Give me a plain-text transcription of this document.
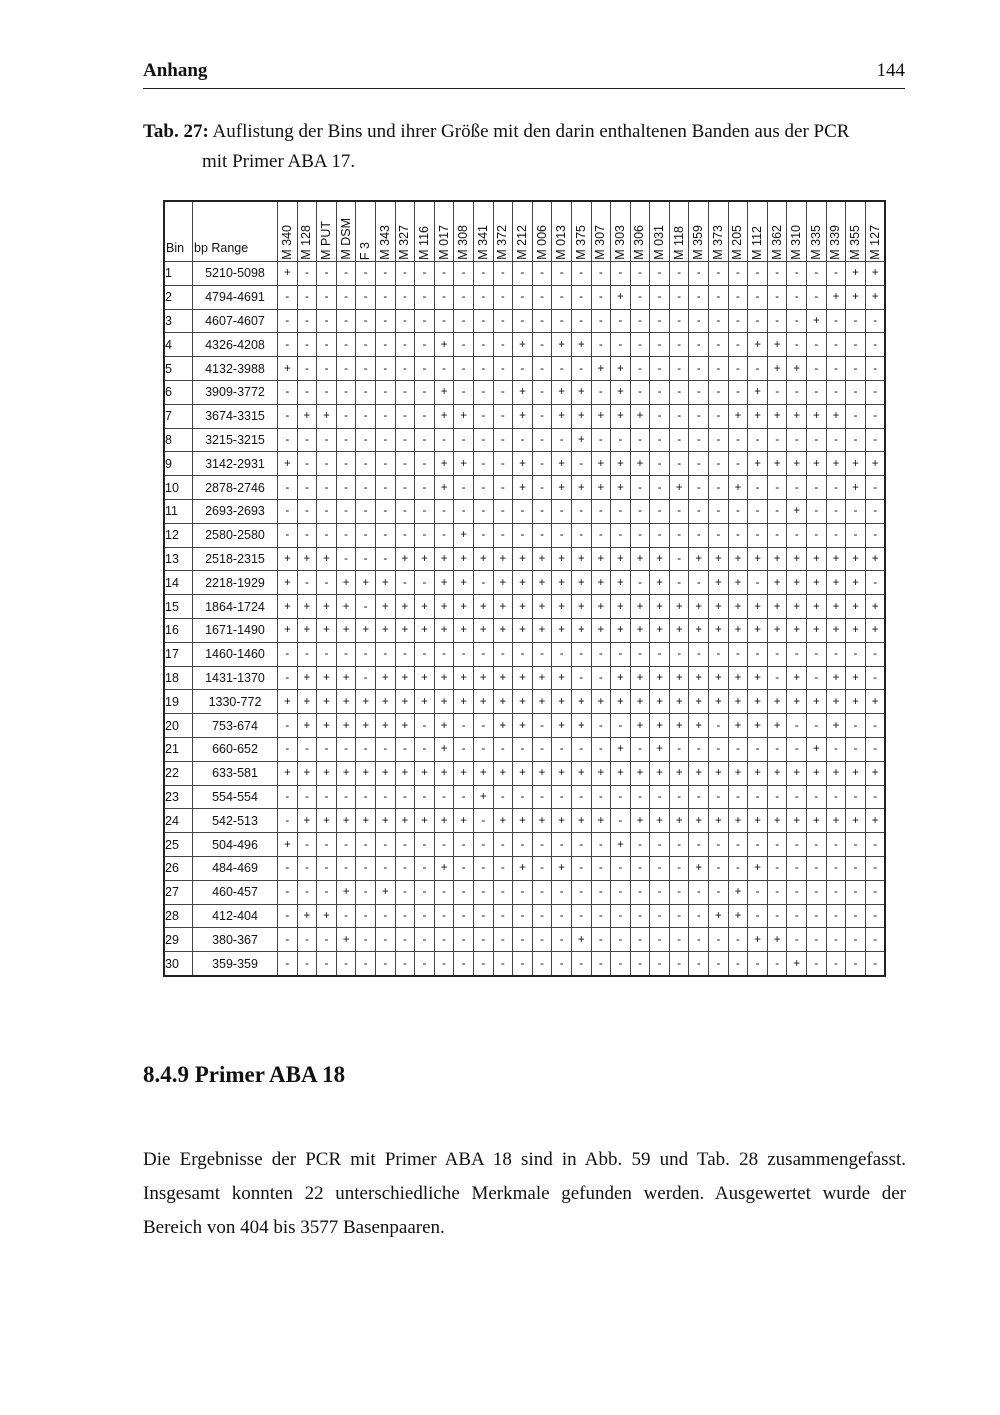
Anhang	144
Tab. 27: Auflistung der Bins und ihrer Größe mit den darin enthaltenen Banden aus der PCR
mit Primer ABA 17.
Bin	bp Range	M 340	M 128	M PUT	M DSM	F 3	M 343	M 327	M 116	M 017	M 308	M 341	M 372	M 212	M 006	M 013	M 375	M 307	M 303	M 306	M 031	M 118	M 359	M 373	M 205	M 112	M 362	M 310	M 335	M 339	M 355	M 127

1	5210-5098	+	-	-	-	-	-	-	-	-	-	-	-	-	-	-	-	-	-	-	-	-	-	-	-	-	-	-	-	-	+	+
2	4794-4691	-	-	-	-	-	-	-	-	-	-	-	-	-	-	-	-	-	+	-	-	-	-	-	-	-	-	-	-	+	+	+
3	4607-4607	-	-	-	-	-	-	-	-	-	-	-	-	-	-	-	-	-	-	-	-	-	-	-	-	-	-	-	+	-	-	-
4	4326-4208	-	-	-	-	-	-	-	-	+	-	-	-	+	-	+	+	-	-	-	-	-	-	-	-	+	+	-	-	-	-	-
5	4132-3988	+	-	-	-	-	-	-	-	-	-	-	-	-	-	-	-	+	+	-	-	-	-	-	-	-	+	+	-	-	-	-
6	3909-3772	-	-	-	-	-	-	-	-	+	-	-	-	+	-	+	+	-	+	-	-	-	-	-	-	+	-	-	-	-	-	-
7	3674-3315	-	+	+	-	-	-	-	-	+	+	-	-	+	-	+	+	+	+	+	-	-	-	-	+	+	+	+	+	+	-	-
8	3215-3215	-	-	-	-	-	-	-	-	-	-	-	-	-	-	-	+	-	-	-	-	-	-	-	-	-	-	-	-	-	-	-
9	3142-2931	+	-	-	-	-	-	-	-	+	+	-	-	+	-	+	-	+	+	+	-	-	-	-	-	+	+	+	+	+	+	+
10	2878-2746	-	-	-	-	-	-	-	-	+	-	-	-	+	-	+	+	+	+	-	-	+	-	-	+	-	-	-	-	-	+	-
11	2693-2693	-	-	-	-	-	-	-	-	-	-	-	-	-	-	-	-	-	-	-	-	-	-	-	-	-	-	+	-	-	-	-
12	2580-2580	-	-	-	-	-	-	-	-	-	+	-	-	-	-	-	-	-	-	-	-	-	-	-	-	-	-	-	-	-	-	-
13	2518-2315	+	+	+	-	-	-	+	+	+	+	+	+	+	+	+	+	+	+	+	+	-	+	+	+	+	+	+	+	+	+	+
14	2218-1929	+	-	-	+	+	+	-	-	+	+	-	+	+	+	+	+	+	+	-	+	-	-	+	+	-	+	+	+	+	+	-
15	1864-1724	+	+	+	+	-	+	+	+	+	+	+	+	+	+	+	+	+	+	+	+	+	+	+	+	+	+	+	+	+	+	+
16	1671-1490	+	+	+	+	+	+	+	+	+	+	+	+	+	+	+	+	+	+	+	+	+	+	+	+	+	+	+	+	+	+	+
17	1460-1460	-	-	-	-	-	-	-	-	-	-	-	-	-	-	-	-	-	-	-	-	-	-	-	-	-	-	-	-	-	-	-
18	1431-1370	-	+	+	+	-	+	+	+	+	+	+	+	+	+	+	-	-	+	+	+	+	+	+	+	+	-	+	-	+	+	-
19	1330-772	+	+	+	+	+	+	+	+	+	+	+	+	+	+	+	+	+	+	+	+	+	+	+	+	+	+	+	+	+	+	+
20	753-674	-	+	+	+	+	+	+	-	+	-	-	+	+	-	+	+	-	-	+	+	+	+	-	+	+	+	-	-	+	-	-
21	660-652	-	-	-	-	-	-	-	-	+	-	-	-	-	-	-	-	-	+	-	+	-	-	-	-	-	-	-	+	-	-	-
22	633-581	+	+	+	+	+	+	+	+	+	+	+	+	+	+	+	+	+	+	+	+	+	+	+	+	+	+	+	+	+	+	+
23	554-554	-	-	-	-	-	-	-	-	-	-	+	-	-	-	-	-	-	-	-	-	-	-	-	-	-	-	-	-	-	-	-
24	542-513	-	+	+	+	+	+	+	+	+	+	-	+	+	+	+	+	+	-	+	+	+	+	+	+	+	+	+	+	+	+	+
25	504-496	+	-	-	-	-	-	-	-	-	-	-	-	-	-	-	-	-	+	-	-	-	-	-	-	-	-	-	-	-	-	-
26	484-469	-	-	-	-	-	-	-	-	+	-	-	-	+	-	+	-	-	-	-	-	-	+	-	-	+	-	-	-	-	-	-
27	460-457	-	-	-	+	-	+	-	-	-	-	-	-	-	-	-	-	-	-	-	-	-	-	-	+	-	-	-	-	-	-	-
28	412-404	-	+	+	-	-	-	-	-	-	-	-	-	-	-	-	-	-	-	-	-	-	-	+	+	-	-	-	-	-	-	-
29	380-367	-	-	-	+	-	-	-	-	-	-	-	-	-	-	-	+	-	-	-	-	-	-	-	-	+	+	-	-	-	-	-
30	359-359	-	-	-	-	-	-	-	-	-	-	-	-	-	-	-	-	-	-	-	-	-	-	-	-	-	-	+	-	-	-	-
8.4.9 Primer ABA 18
Die Ergebnisse der PCR mit Primer ABA 18 sind in Abb. 59 und Tab. 28 zusammengefasst. Insgesamt konnten 22 unterschiedliche Merkmale gefunden werden. Ausgewertet wurde der Bereich von 404 bis 3577 Basenpaaren.
